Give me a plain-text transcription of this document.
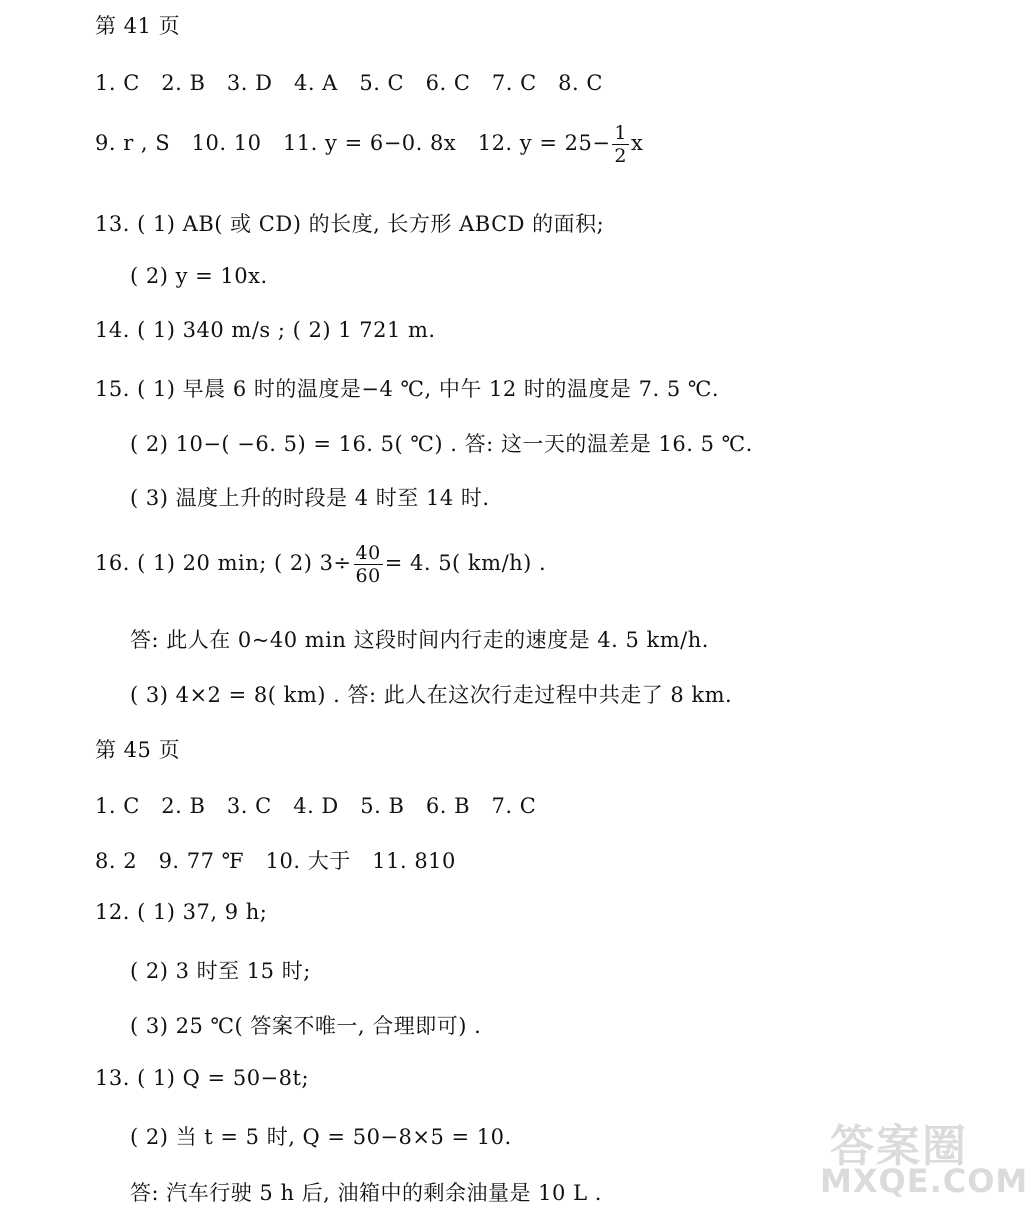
第 41 页
1. C　2. B　3. D　4. A　5. C　6. C　7. C　8. C
9. r , S　10. 10　11. y = 6−0. 8x　12. $y = 25- \frac{1}{2}$ x
13. ( 1) AB( 或 CD) 的长度, 长方形 ABCD 的面积;
( 2) y = 10x.
14. ( 1) 340 m/s ; ( 2) 1 721 m.
15. ( 1) 早晨 6 时的温度是−4 ℃, 中午 12 时的温度是 7. 5 ℃.
( 2) 10−( −6. 5) = 16. 5( ℃) . 答: 这一天的温差是 16. 5 ℃.
( 3) 温度上升的时段是 4 时至 14 时.
16. ( 1) 20 min; ( 2) $3\div \frac{40}{60} = 4$. 5( km/h) .
答: 此人在 0~40 min 这段时间内行走的速度是 4. 5 km/h.
( 3) 4×2 = 8( km) . 答: 此人在这次行走过程中共走了 8 km.
第 45 页
1. C　2. B　3. C　4. D　5. B　6. B　7. C
8. 2　9. 77 ℉　10. 大于　11. 810
12. ( 1) 37, 9 h;
( 2) 3 时至 15 时;
( 3) 25 ℃( 答案不唯一, 合理即可) .
13. ( 1) Q = 50−8t;
( 2) 当 t = 5 时, Q = 50−8×5 = 10.
答: 汽车行驶 5 h 后, 油箱中的剩余油量是 10 L .
答案圈
MXQE.COM
